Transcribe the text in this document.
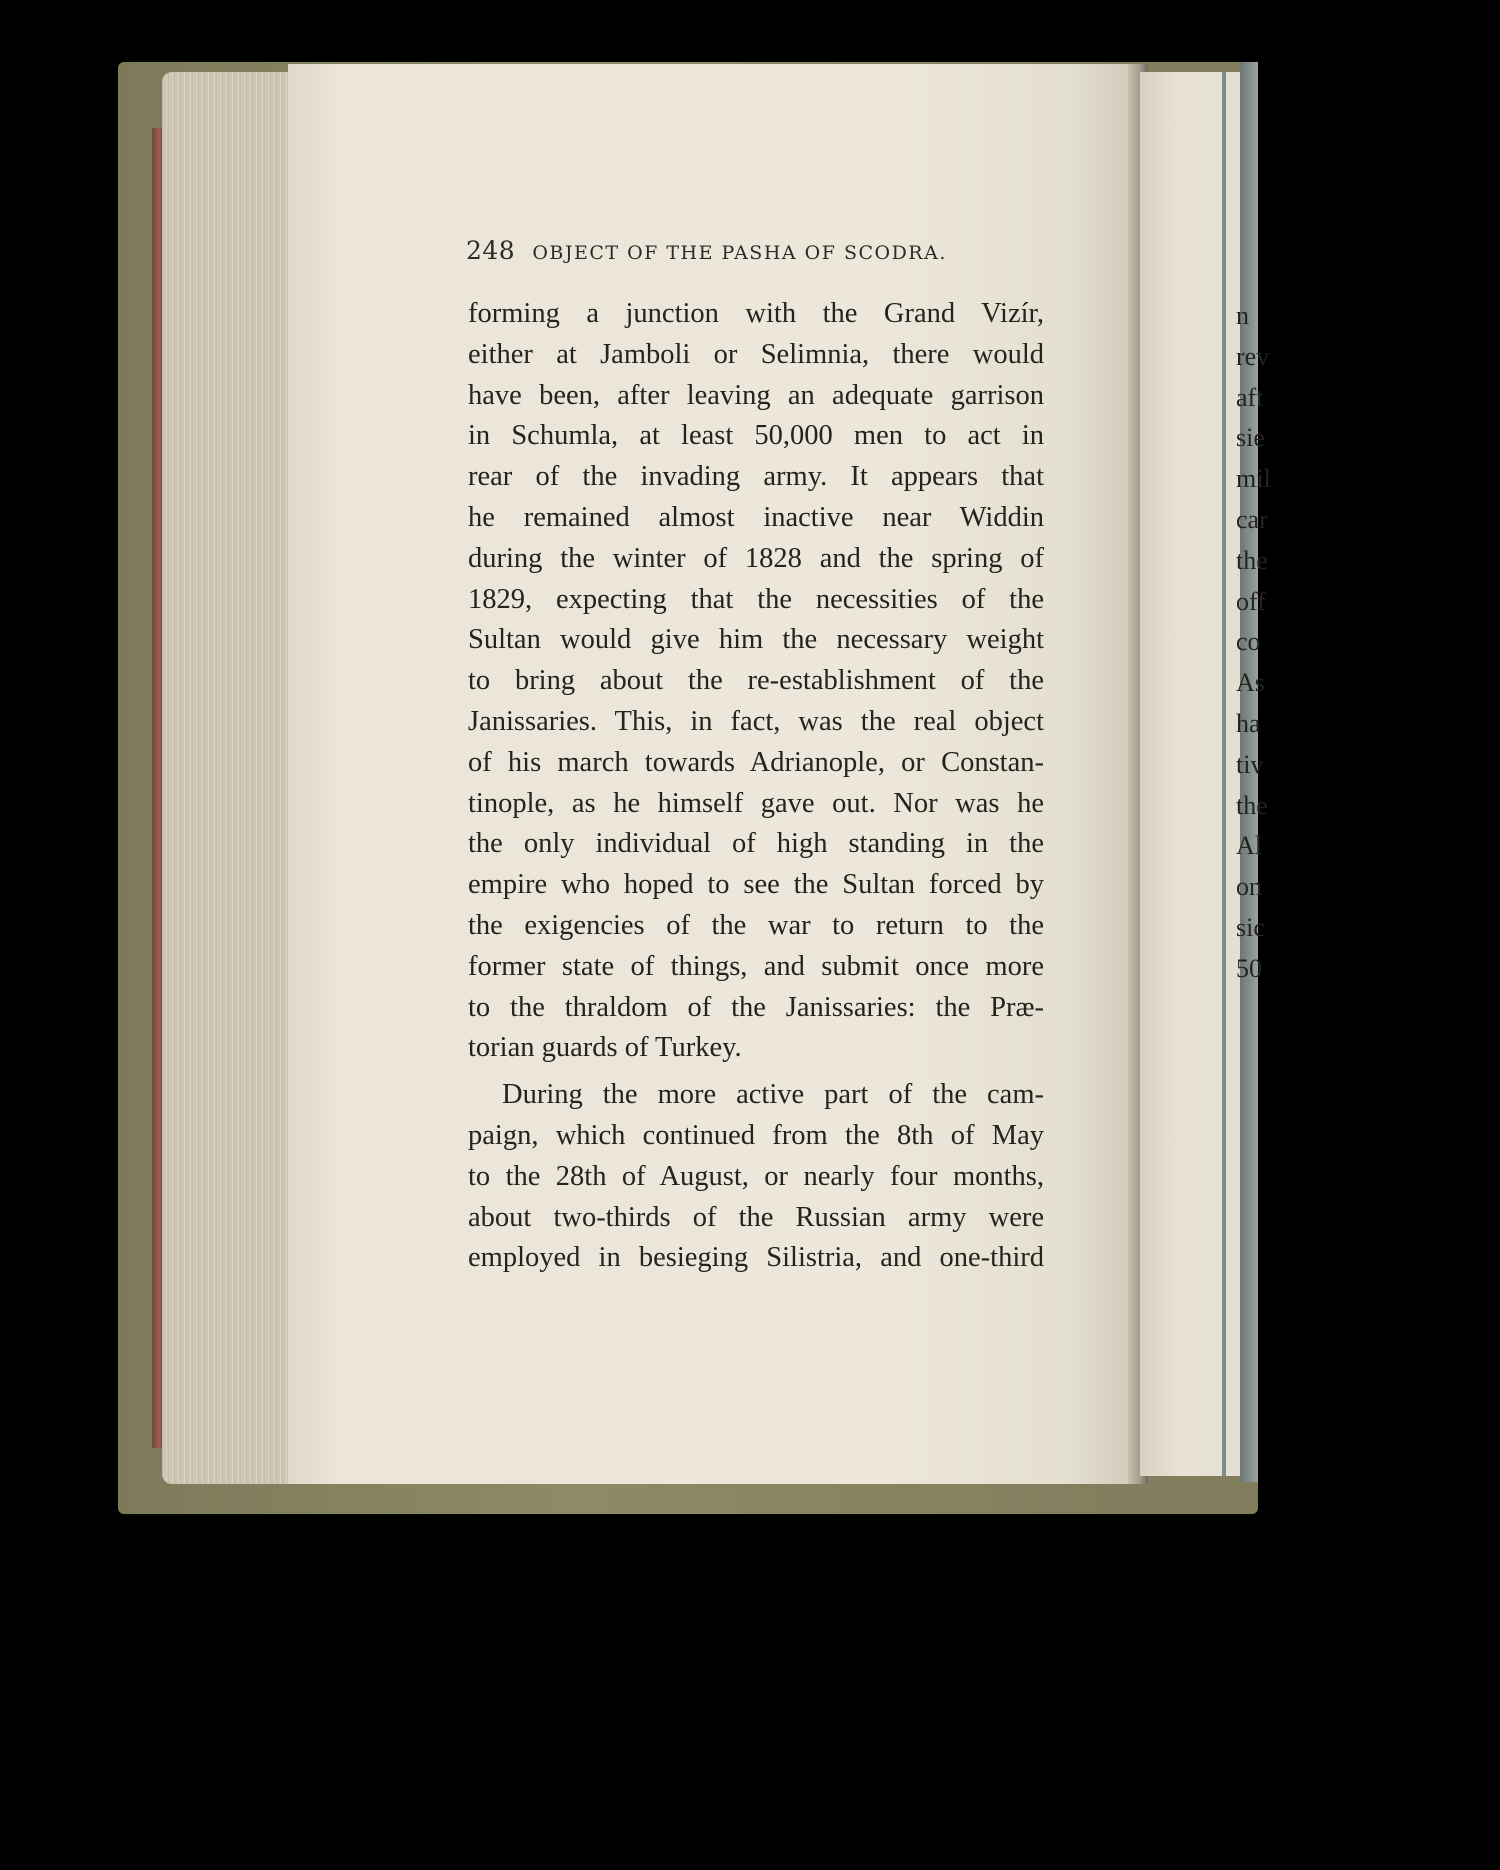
248 OBJECT OF THE PASHA OF SCODRA.
forming a junction with the Grand Vizír,
either at Jamboli or Selimnia, there would
have been, after leaving an adequate garrison
in Schumla, at least 50,000 men to act in
rear of the invading army. It appears that
he remained almost inactive near Widdin
during the winter of 1828 and the spring of
1829, expecting that the necessities of the
Sultan would give him the necessary weight
to bring about the re-establishment of the
Janissaries. This, in fact, was the real object
of his march towards Adrianople, or Constan-
tinople, as he himself gave out. Nor was he
the only individual of high standing in the
empire who hoped to see the Sultan forced by
the exigencies of the war to return to the
former state of things, and submit once more
to the thraldom of the Janissaries: the Præ-
torian guards of Turkey.
During the more active part of the cam-
paign, which continued from the 8th of May
to the 28th of August, or nearly four months,
about two-thirds of the Russian army were
employed in besieging Silistria, and one-third
n
rev
aft
sie
mil
car
the
off
co
As
ha
tiv
the
Al
on
sic
50
